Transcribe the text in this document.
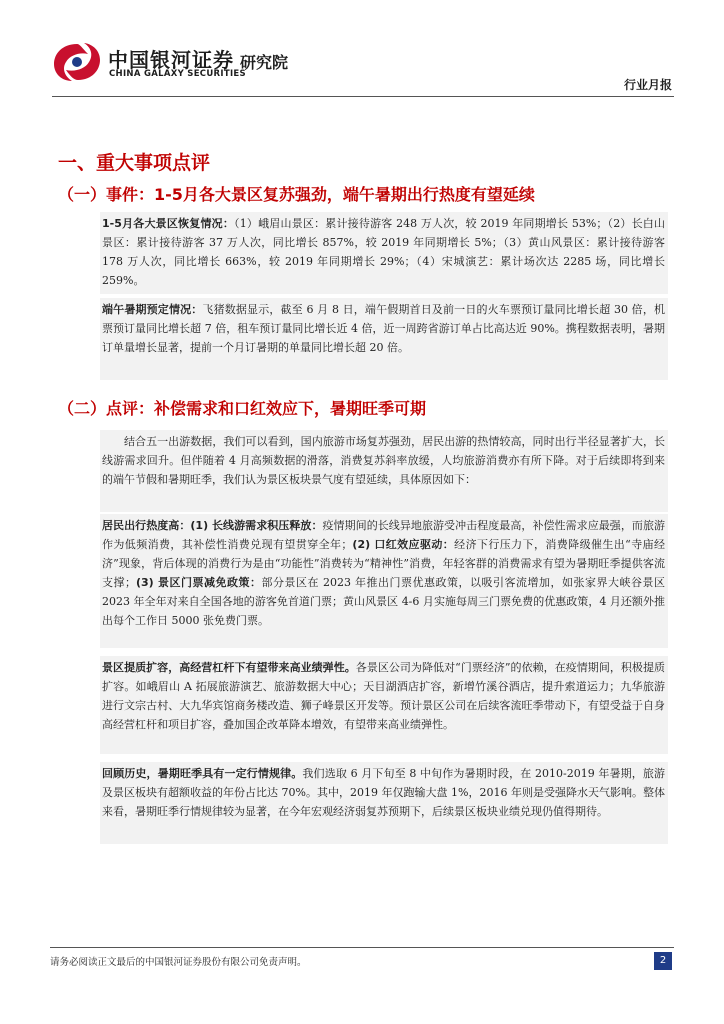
中国银河证券
CHINA GALAXY SECURITIES
研究院
行业月报
一、重大事项点评
（一）事件：1-5月各大景区复苏强劲，端午暑期出行热度有望延续
1-5月各大景区恢复情况：（1）峨眉山景区：累计接待游客 248 万人次，较 2019 年同期增长 53%；（2）长白山景区：累计接待游客 37 万人次，同比增长 857%，较 2019 年同期增长 5%；（3）黄山风景区：累计接待游客 178 万人次，同比增长 663%，较 2019 年同期增长 29%；（4）宋城演艺：累计场次达 2285 场，同比增长 259%。
端午暑期预定情况：飞猪数据显示，截至 6 月 8 日，端午假期首日及前一日的火车票预订量同比增长超 30 倍，机票预订量同比增长超 7 倍，租车预订量同比增长近 4 倍，近一周跨省游订单占比高达近 90%。携程数据表明，暑期订单量增长显著，提前一个月订暑期的单量同比增长超 20 倍。
（二）点评：补偿需求和口红效应下，暑期旺季可期
结合五一出游数据，我们可以看到，国内旅游市场复苏强劲，居民出游的热情较高，同时出行半径显著扩大，长线游需求回升。但伴随着 4 月高频数据的滑落，消费复苏斜率放缓，人均旅游消费亦有所下降。对于后续即将到来的端午节假和暑期旺季，我们认为景区板块景气度有望延续，具体原因如下：
居民出行热度高：(1) 长线游需求积压释放：疫情期间的长线异地旅游受冲击程度最高，补偿性需求应最强，而旅游作为低频消费，其补偿性消费兑现有望贯穿全年；(2) 口红效应驱动：经济下行压力下，消费降级催生出“寺庙经济”现象，背后体现的消费行为是由“功能性”消费转为“精神性”消费，年轻客群的消费需求有望为暑期旺季提供客流支撑；(3) 景区门票减免政策：部分景区在 2023 年推出门票优惠政策，以吸引客流增加，如张家界大峡谷景区 2023 年全年对来自全国各地的游客免首道门票；黄山风景区 4-6 月实施每周三门票免费的优惠政策，4 月还额外推出每个工作日 5000 张免费门票。
景区提质扩容，高经营杠杆下有望带来高业绩弹性。各景区公司为降低对“门票经济”的依赖，在疫情期间，积极提质扩容。如峨眉山 A 拓展旅游演艺、旅游数据大中心；天目湖酒店扩容，新增竹溪谷酒店，提升索道运力；九华旅游进行文宗古村、大九华宾馆商务楼改造、狮子峰景区开发等。预计景区公司在后续客流旺季带动下，有望受益于自身高经营杠杆和项目扩容，叠加国企改革降本增效，有望带来高业绩弹性。
回顾历史，暑期旺季具有一定行情规律。我们选取 6 月下旬至 8 中旬作为暑期时段，在 2010-2019 年暑期，旅游及景区板块有超额收益的年份占比达 70%。其中，2019 年仅跑输大盘 1%，2016 年则是受强降水天气影响。整体来看，暑期旺季行情规律较为显著，在今年宏观经济弱复苏预期下，后续景区板块业绩兑现仍值得期待。
请务必阅读正文最后的中国银河证券股份有限公司免责声明。	2
